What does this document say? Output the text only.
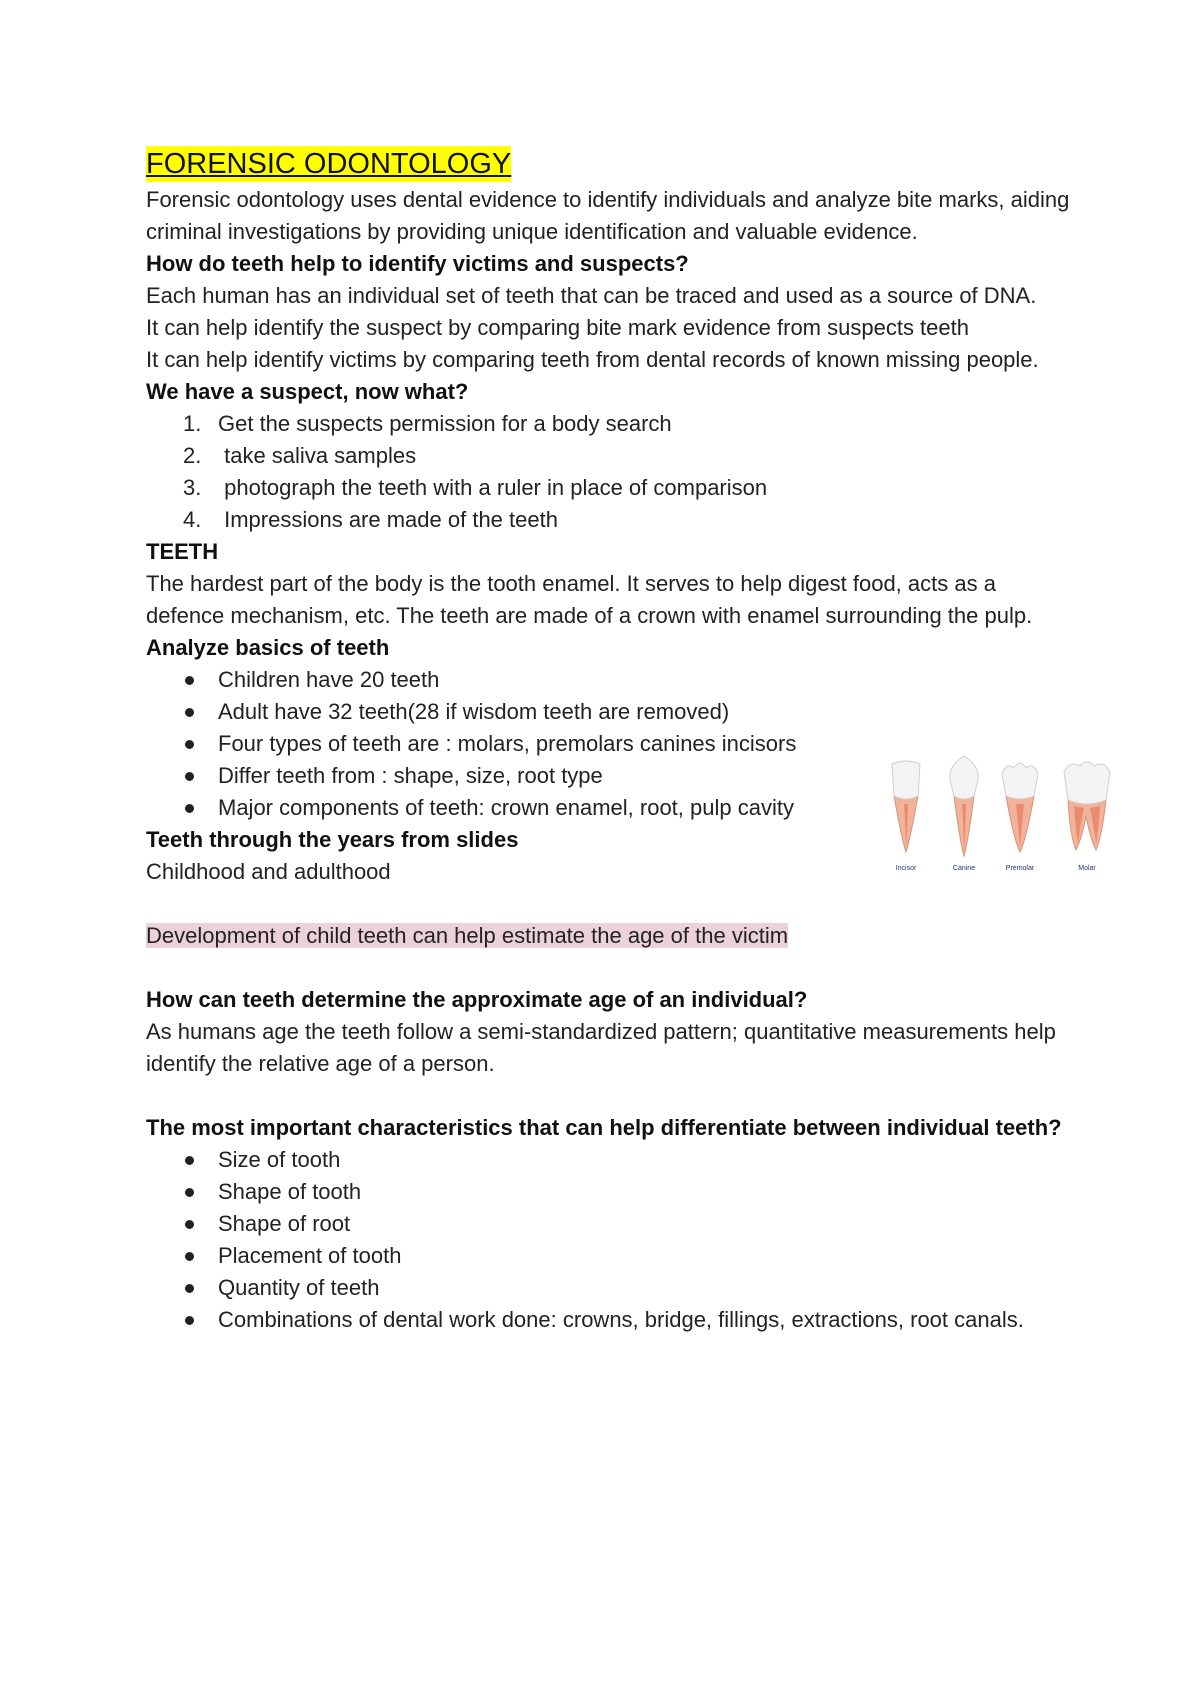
FORENSIC ODONTOLOGY

Forensic odontology uses dental evidence to identify individuals and analyze bite marks, aiding criminal investigations by providing unique identification and valuable evidence.

How do teeth help to identify victims and suspects?

Each human has an individual set of teeth that can be traced and used as a source of DNA.

It can help identify the suspect by comparing bite mark evidence from suspects teeth

It can help identify victims by comparing teeth from dental records of known missing people.

We have a suspect, now what?

1. Get the suspects permission for a body search
2. take saliva samples
3. photograph the teeth with a ruler in place of comparison
4. Impressions are made of the teeth

TEETH

The hardest part of the body is the tooth enamel. It serves to help digest food, acts as a defence mechanism, etc. The teeth are made of a crown with enamel surrounding the pulp.

Analyze basics of teeth

Children have 20 teeth
Adult have 32 teeth(28 if wisdom teeth are removed)
Four types of teeth are : molars, premolars canines incisors
Differ teeth from : shape, size, root type
Major components of teeth: crown enamel, root, pulp cavity

Teeth through the years from slides

Childhood and adulthood

Development of child teeth can help estimate the age of the victim

How can teeth determine the approximate age of an individual?

As humans age the teeth follow a semi-standardized pattern; quantitative measurements help identify the relative age of a person.

The most important characteristics that can help differentiate between individual teeth?

Size of tooth
Shape of tooth
Shape of root
Placement of tooth
Quantity of teeth
Combinations of dental work done: crowns, bridge, fillings, extractions, root canals.
Incisor	Canine	Premolar	Molar
